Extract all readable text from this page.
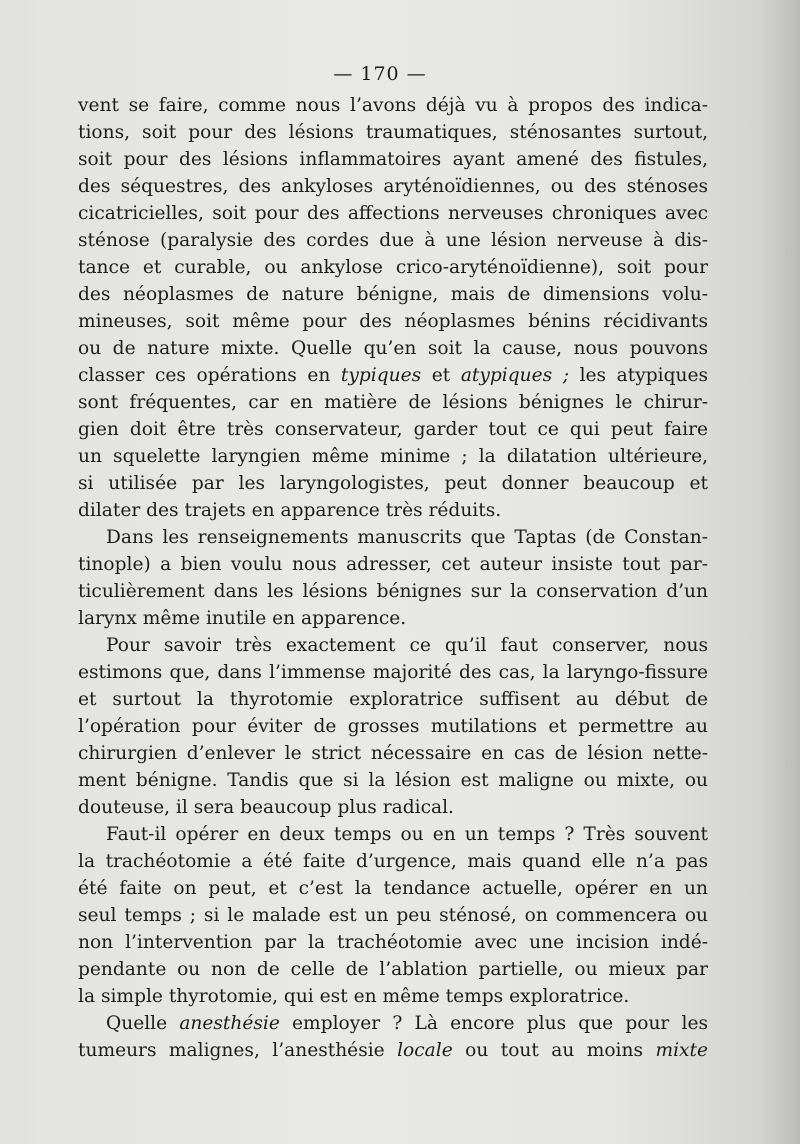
— 170 —
vent se faire, comme nous l’avons déjà vu à propos des indica-
tions, soit pour des lésions traumatiques, sténosantes surtout,
soit pour des lésions inflammatoires ayant amené des fistules,
des séquestres, des ankyloses aryténoïdiennes, ou des sténoses
cicatricielles, soit pour des affections nerveuses chroniques avec
sténose (paralysie des cordes due à une lésion nerveuse à dis-
tance et curable, ou ankylose crico-aryténoïdienne), soit pour
des néoplasmes de nature bénigne, mais de dimensions volu-
mineuses, soit même pour des néoplasmes bénins récidivants
ou de nature mixte. Quelle qu’en soit la cause, nous pouvons
classer ces opérations en typiques et atypiques ; les atypiques
sont fréquentes, car en matière de lésions bénignes le chirur-
gien doit être très conservateur, garder tout ce qui peut faire
un squelette laryngien même minime ; la dilatation ultérieure,
si utilisée par les laryngologistes, peut donner beaucoup et
dilater des trajets en apparence très réduits.
Dans les renseignements manuscrits que Taptas (de Constan-
tinople) a bien voulu nous adresser, cet auteur insiste tout par-
ticulièrement dans les lésions bénignes sur la conservation d’un
larynx même inutile en apparence.
Pour savoir très exactement ce qu’il faut conserver, nous
estimons que, dans l’immense majorité des cas, la laryngo-fissure
et surtout la thyrotomie exploratrice suffisent au début de
l’opération pour éviter de grosses mutilations et permettre au
chirurgien d’enlever le strict nécessaire en cas de lésion nette-
ment bénigne. Tandis que si la lésion est maligne ou mixte, ou
douteuse, il sera beaucoup plus radical.
Faut-il opérer en deux temps ou en un temps ? Très souvent
la trachéotomie a été faite d’urgence, mais quand elle n’a pas
été faite on peut, et c’est la tendance actuelle, opérer en un
seul temps ; si le malade est un peu sténosé, on commencera ou
non l’intervention par la trachéotomie avec une incision indé-
pendante ou non de celle de l’ablation partielle, ou mieux par
la simple thyrotomie, qui est en même temps exploratrice.
Quelle anesthésie employer ? Là encore plus que pour les
tumeurs malignes, l’anesthésie locale ou tout au moins mixte
